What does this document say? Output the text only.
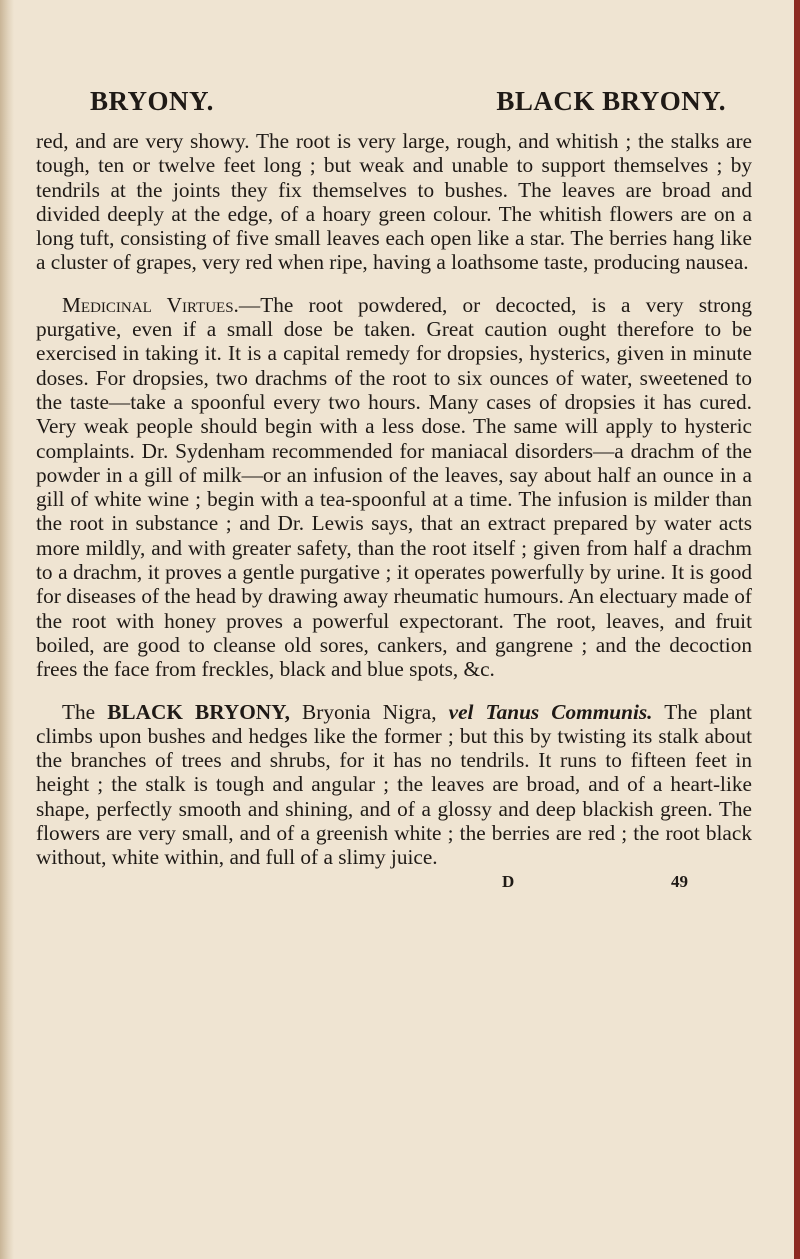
BRYONY.	BLACK BRYONY.

red, and are very showy. The root is very large, rough, and whitish ; the stalks are tough, ten or twelve feet long ; but weak and unable to support themselves ; by tendrils at the joints they fix themselves to bushes. The leaves are broad and divided deeply at the edge, of a hoary green colour. The whitish flowers are on a long tuft, consisting of five small leaves each open like a star. The berries hang like a cluster of grapes, very red when ripe, having a loathsome taste, producing nausea.

Medicinal Virtues.—The root powdered, or decocted, is a very strong purgative, even if a small dose be taken. Great caution ought therefore to be exercised in taking it. It is a capital remedy for dropsies, hysterics, given in minute doses. For dropsies, two drachms of the root to six ounces of water, sweetened to the taste—take a spoonful every two hours. Many cases of dropsies it has cured. Very weak people should begin with a less dose. The same will apply to hysteric complaints. Dr. Sydenham recommended for maniacal disorders—a drachm of the powder in a gill of milk—or an infusion of the leaves, say about half an ounce in a gill of white wine ; begin with a tea-spoonful at a time. The infusion is milder than the root in substance ; and Dr. Lewis says, that an extract prepared by water acts more mildly, and with greater safety, than the root itself ; given from half a drachm to a drachm, it proves a gentle purgative ; it operates powerfully by urine. It is good for diseases of the head by drawing away rheumatic humours. An electuary made of the root with honey proves a powerful expectorant. The root, leaves, and fruit boiled, are good to cleanse old sores, cankers, and gangrene ; and the decoction frees the face from freckles, black and blue spots, &c.

The BLACK BRYONY, Bryonia Nigra, vel Tanus Communis. The plant climbs upon bushes and hedges like the former ; but this by twisting its stalk about the branches of trees and shrubs, for it has no tendrils. It runs to fifteen feet in height ; the stalk is tough and angular ; the leaves are broad, and of a heart-like shape, perfectly smooth and shining, and of a glossy and deep blackish green. The flowers are very small, and of a greenish white ; the berries are red ; the root black without, white within, and full of a slimy juice.

D	49
